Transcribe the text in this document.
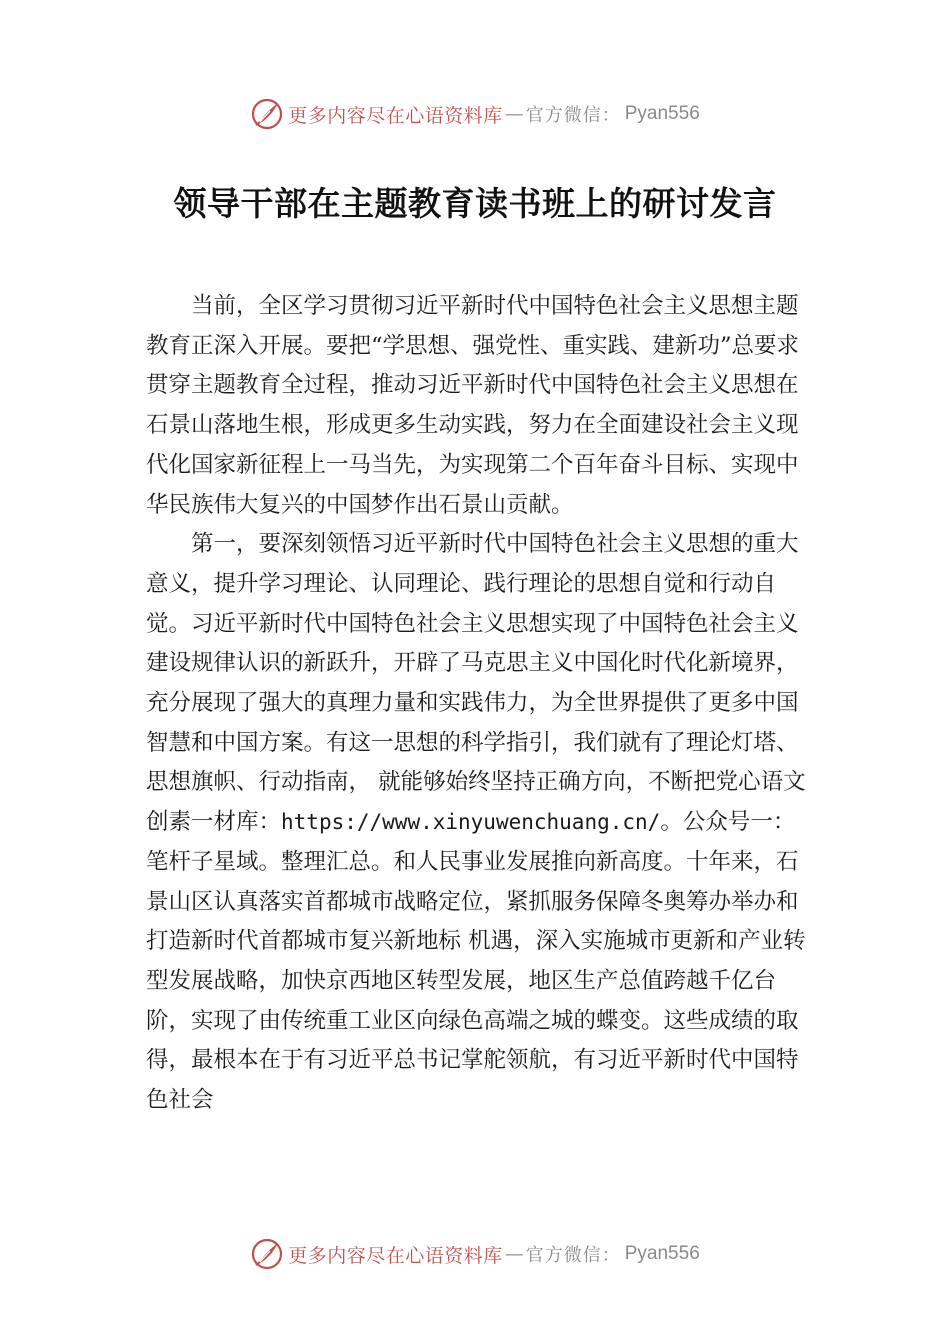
更多内容尽在心语资料库 — 官方微信： Pyan556
领导干部在主题教育读书班上的研讨发言

当前，全区学习贯彻习近平新时代中国特色社会主义思想主题教育正深入开展。要把“学思想、强党性、重实践、建新功”总要求贯穿主题教育全过程，推动习近平新时代中国特色社会主义思想在石景山落地生根，形成更多生动实践，努力在全面建设社会主义现代化国家新征程上一马当先，为实现第二个百年奋斗目标、实现中华民族伟大复兴的中国梦作出石景山贡献。

第一，要深刻领悟习近平新时代中国特色社会主义思想的重大意义，提升学习理论、认同理论、践行理论的思想自觉和行动自觉。习近平新时代中国特色社会主义思想实现了中国特色社会主义建设规律认识的新跃升，开辟了马克思主义中国化时代化新境界，充分展现了强大的真理力量和实践伟力，为全世界提供了更多中国智慧和中国方案。有这一思想的科学指引，我们就有了理论灯塔、思想旗帜、行动指南， 就能够始终坚持正确方向，不断把党心语文创素一材库：https://www.xinyuwenchuang.cn/。公众号一：笔杆子星域。整理汇总。和人民事业发展推向新高度。十年来，石景山区认真落实首都城市战略定位，紧抓服务保障冬奥筹办举办和打造新时代首都城市复兴新地标 机遇，深入实施城市更新和产业转型发展战略，加快京西地区转型发展，地区生产总值跨越千亿台阶，实现了由传统重工业区向绿色高端之城的蝶变。这些成绩的取得，最根本在于有习近平总书记掌舵领航，有习近平新时代中国特色社会

更多内容尽在心语资料库 — 官方微信： Pyan556
